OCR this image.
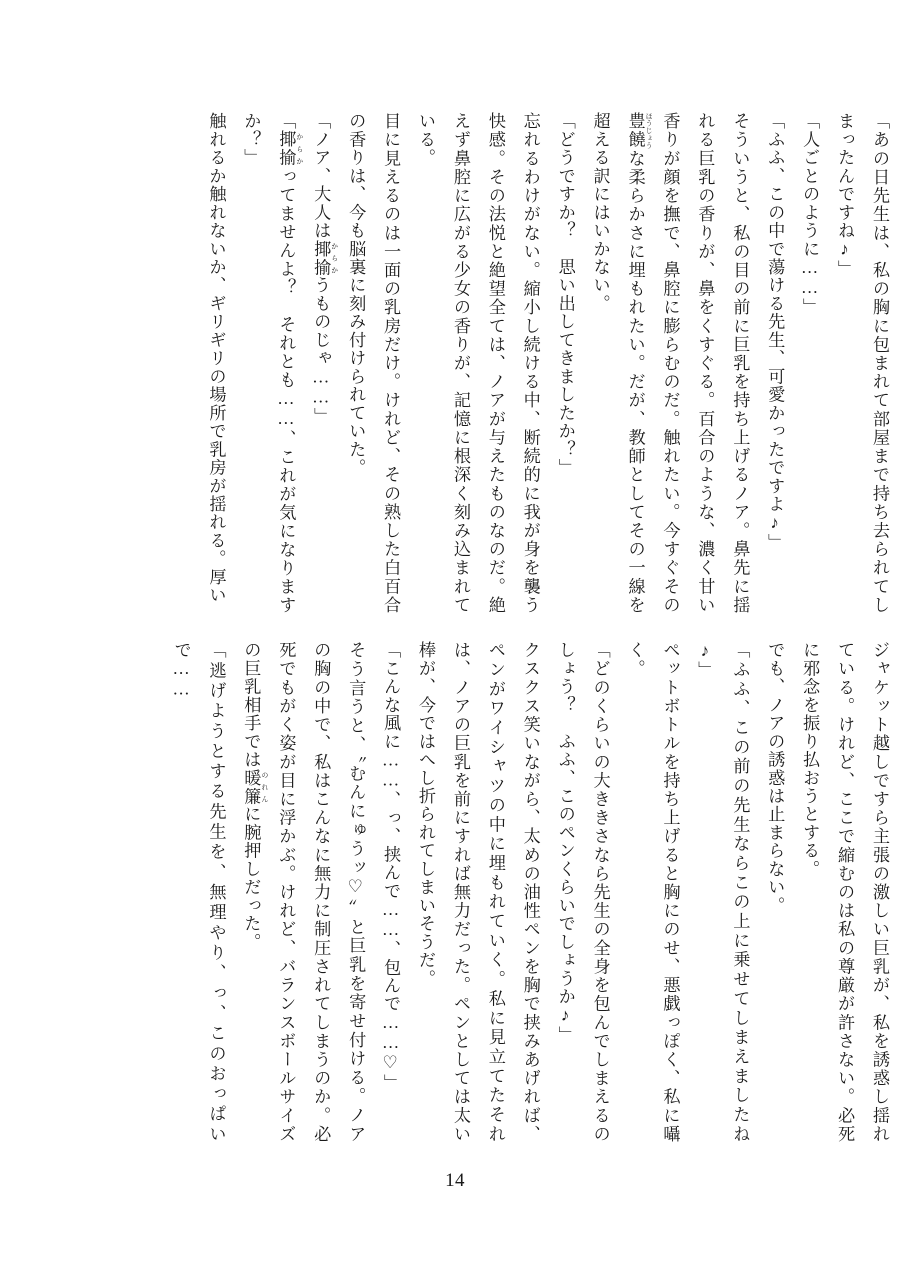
「あの日先生は、私の胸に包まれて部屋まで持ち去られてしまったんですね♪」

「人ごとのように……」

「ふふ、この中で蕩ける先生、可愛かったですよ♪」

そういうと、私の目の前に巨乳を持ち上げるノア。鼻先に揺れる巨乳の香りが、鼻をくすぐる。百合のような、濃く甘い香りが顔を撫で、鼻腔に膨らむのだ。触れたい。今すぐその豊饒 ほうじょうな柔らかさに埋もれたい。だが、教師としてその一線を超える訳にはいかない。

「どうですか？　思い出してきましたか？」

忘れるわけがない。縮小し続ける中、断続的に我が身を襲う快感。その法悦と絶望全ては、ノアが与えたものなのだ。絶えず鼻腔に広がる少女の香りが、記憶に根深く刻み込まれている。

目に見えるのは一面の乳房だけ。けれど、その熟した白百合の香りは、今も脳裏に刻み付けられていた。

「ノア、大人は揶揄 からかうものじゃ……」

「揶揄 からかってませんよ？　それとも……、これが気になりますか？」

触れるか触れないか、ギリギリの場所で乳房が揺れる。厚い

ジャケット越しですら主張の激しい巨乳が、私を誘惑し揺れている。けれど、ここで縮むのは私の尊厳が許さない。必死に邪念を振り払おうとする。

でも、ノアの誘惑は止まらない。

「ふふ、この前の先生ならこの上に乗せてしまえましたね♪」

ペットボトルを持ち上げると胸にのせ、悪戯っぽく、私に囁く。

「どのくらいの大ききさなら先生の全身を包んでしまえるのしょう？　ふふ、このペンくらいでしょうか♪」

クスクス笑いながら、太めの油性ペンを胸で挟みあげれば、ペンがワイシャツの中に埋もれていく。私に見立てたそれは、ノアの巨乳を前にすれば無力だった。ペンとしては太い棒が、今ではへし折られてしまいそうだ。

「こんな風に……、っ、挟んで……、包んで……♡」

そう言うと、〝むんにゅうッ♡〟と巨乳を寄せ付ける。ノアの胸の中で、私はこんなに無力に制圧されてしまうのか。必死でもがく姿が目に浮かぶ。けれど、バランスボールサイズの巨乳相手では暖簾 のれんに腕押しだった。

「逃げようとする先生を、無理やり、っ、このおっぱいで……

14
